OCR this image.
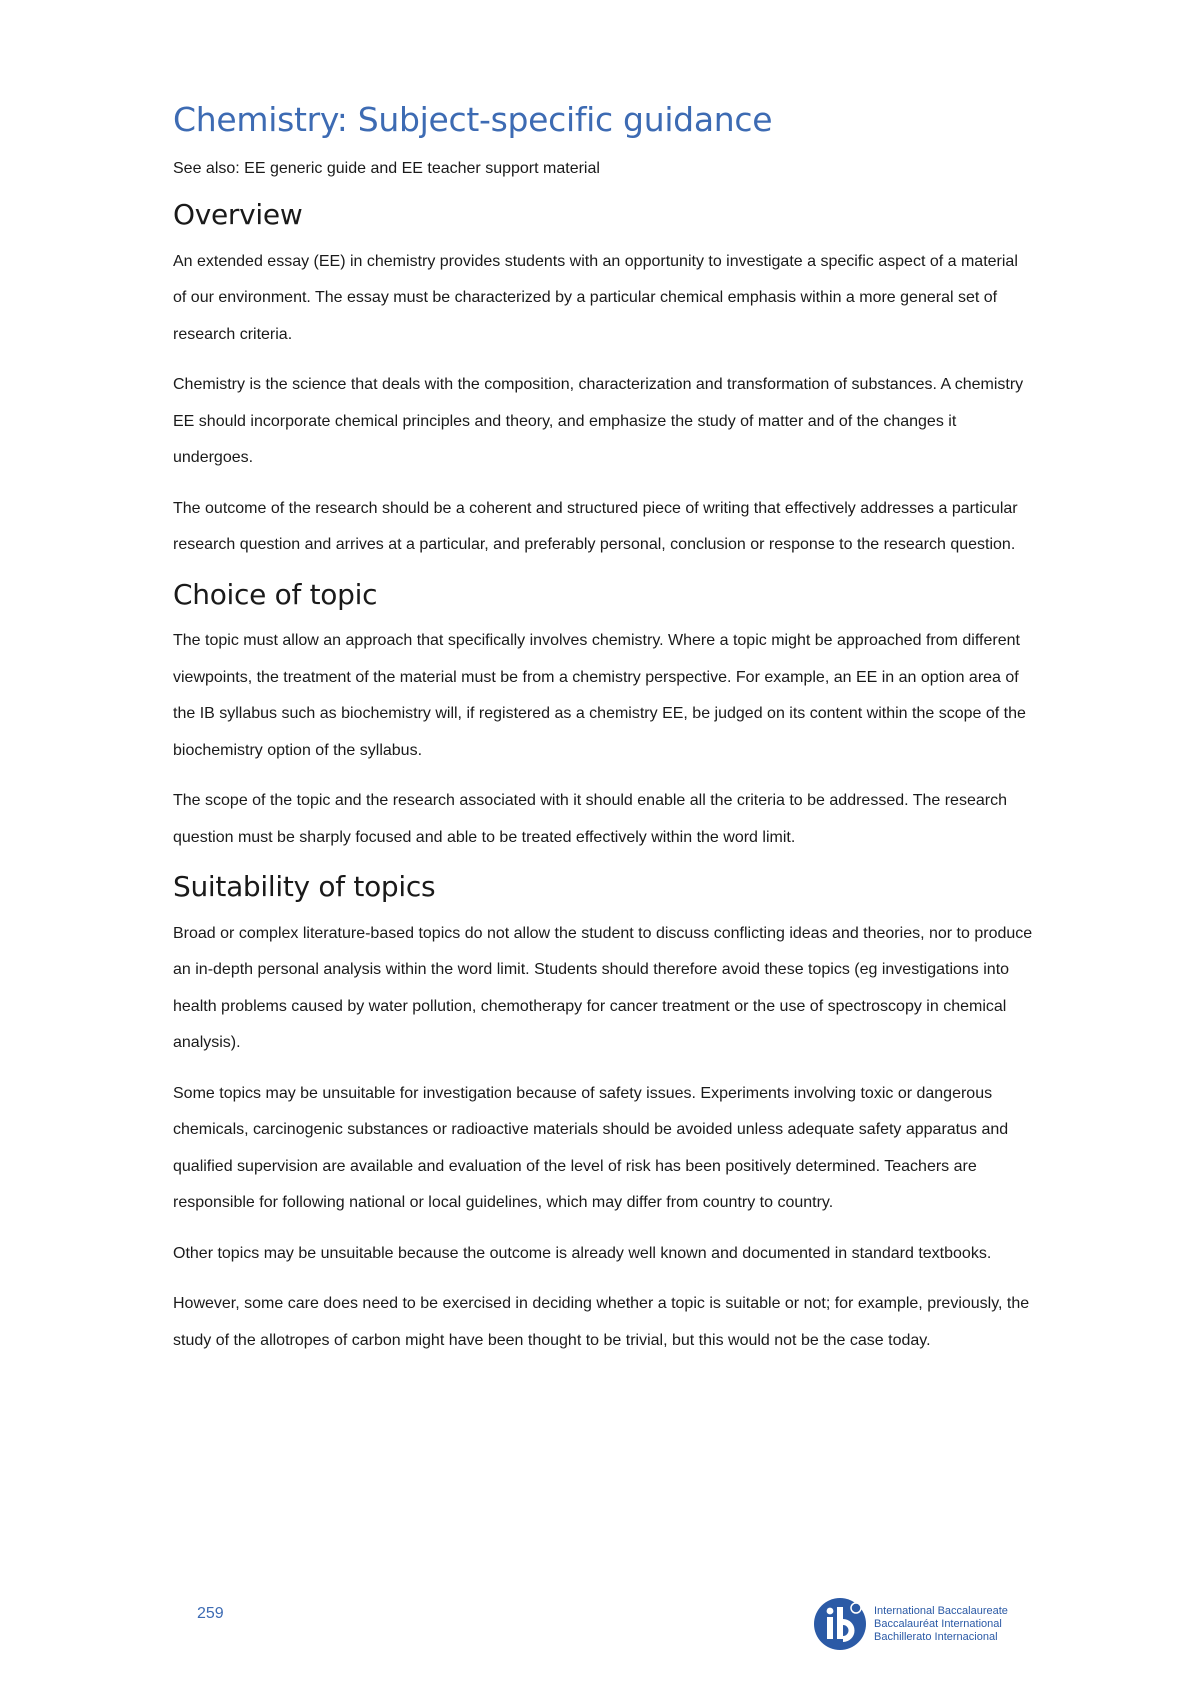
Chemistry: Subject-specific guidance
See also: EE generic guide and EE teacher support material
Overview

An extended essay (EE) in chemistry provides students with an opportunity to investigate a specific aspect of a material of our environment. The essay must be characterized by a particular chemical emphasis within a more general set of research criteria.

Chemistry is the science that deals with the composition, characterization and transformation of substances. A chemistry EE should incorporate chemical principles and theory, and emphasize the study of matter and of the changes it undergoes.

The outcome of the research should be a coherent and structured piece of writing that effectively addresses a particular research question and arrives at a particular, and preferably personal, conclusion or response to the research question.

Choice of topic

The topic must allow an approach that specifically involves chemistry. Where a topic might be approached from different viewpoints, the treatment of the material must be from a chemistry perspective. For example, an EE in an option area of the IB syllabus such as biochemistry will, if registered as a chemistry EE, be judged on its content within the scope of the biochemistry option of the syllabus.

The scope of the topic and the research associated with it should enable all the criteria to be addressed. The research question must be sharply focused and able to be treated effectively within the word limit.

Suitability of topics

Broad or complex literature-based topics do not allow the student to discuss conflicting ideas and theories, nor to produce an in-depth personal analysis within the word limit. Students should therefore avoid these topics (eg investigations into health problems caused by water pollution, chemotherapy for cancer treatment or the use of spectroscopy in chemical analysis).

Some topics may be unsuitable for investigation because of safety issues. Experiments involving toxic or dangerous chemicals, carcinogenic substances or radioactive materials should be avoided unless adequate safety apparatus and qualified supervision are available and evaluation of the level of risk has been positively determined. Teachers are responsible for following national or local guidelines, which may differ from country to country.

Other topics may be unsuitable because the outcome is already well known and documented in standard textbooks.

However, some care does need to be exercised in deciding whether a topic is suitable or not; for example, previously, the study of the allotropes of carbon might have been thought to be trivial, but this would not be the case today.

259	International Baccalaureate
Baccalauréat International
Bachillerato Internacional
